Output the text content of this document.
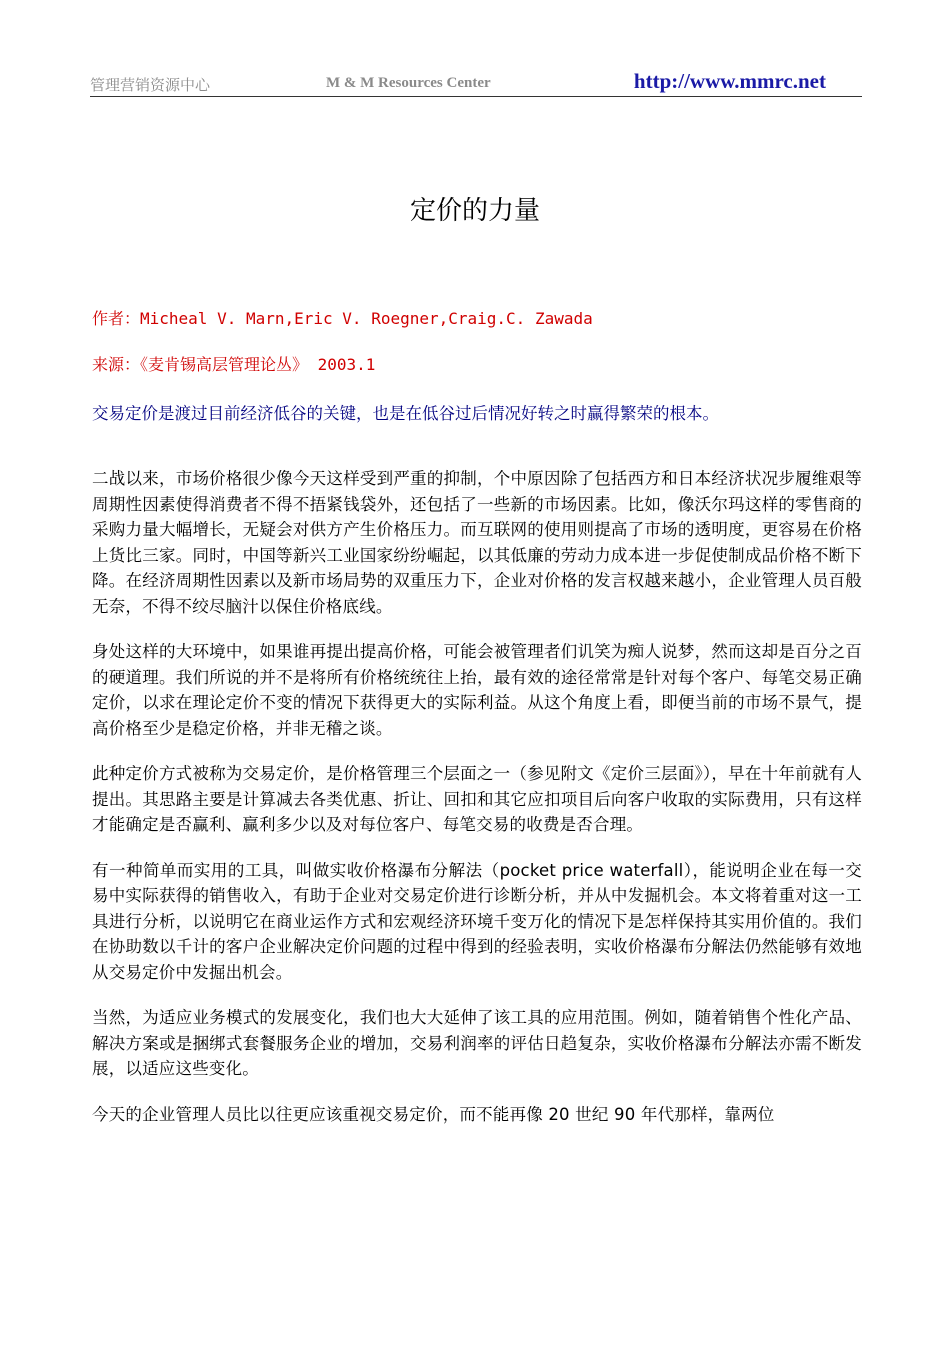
管理营销资源中心	M & M Resources Center	http://www.mmrc.net
定价的力量
作者：Micheal V. Marn,Eric V. Roegner,Craig.C. Zawada
来源：《麦肯锡高层管理论丛》 2003.1
交易定价是渡过目前经济低谷的关键，也是在低谷过后情况好转之时赢得繁荣的根本。

二战以来，市场价格很少像今天这样受到严重的抑制，个中原因除了包括西方和日本经济状况步履维艰等周期性因素使得消费者不得不捂紧钱袋外，还包括了一些新的市场因素。比如，像沃尔玛这样的零售商的采购力量大幅增长，无疑会对供方产生价格压力。而互联网的使用则提高了市场的透明度，更容易在价格上货比三家。同时，中国等新兴工业国家纷纷崛起，以其低廉的劳动力成本进一步促使制成品价格不断下降。在经济周期性因素以及新市场局势的双重压力下，企业对价格的发言权越来越小，企业管理人员百般无奈，不得不绞尽脑汁以保住价格底线。

身处这样的大环境中，如果谁再提出提高价格，可能会被管理者们讥笑为痴人说梦，然而这却是百分之百的硬道理。我们所说的并不是将所有价格统统往上抬，最有效的途径常常是针对每个客户、每笔交易正确定价，以求在理论定价不变的情况下获得更大的实际利益。从这个角度上看，即便当前的市场不景气，提高价格至少是稳定价格，并非无稽之谈。

此种定价方式被称为交易定价，是价格管理三个层面之一（参见附文《定价三层面》），早在十年前就有人提出。其思路主要是计算减去各类优惠、折让、回扣和其它应扣项目后向客户收取的实际费用，只有这样才能确定是否赢利、赢利多少以及对每位客户、每笔交易的收费是否合理。

有一种简单而实用的工具，叫做实收价格瀑布分解法（pocket price waterfall），能说明企业在每一交易中实际获得的销售收入，有助于企业对交易定价进行诊断分析，并从中发掘机会。本文将着重对这一工具进行分析，以说明它在商业运作方式和宏观经济环境千变万化的情况下是怎样保持其实用价值的。我们在协助数以千计的客户企业解决定价问题的过程中得到的经验表明，实收价格瀑布分解法仍然能够有效地从交易定价中发掘出机会。

当然，为适应业务模式的发展变化，我们也大大延伸了该工具的应用范围。例如，随着销售个性化产品、解决方案或是捆绑式套餐服务企业的增加，交易利润率的评估日趋复杂，实收价格瀑布分解法亦需不断发展，以适应这些变化。

今天的企业管理人员比以往更应该重视交易定价，而不能再像 20 世纪 90 年代那样，靠两位
